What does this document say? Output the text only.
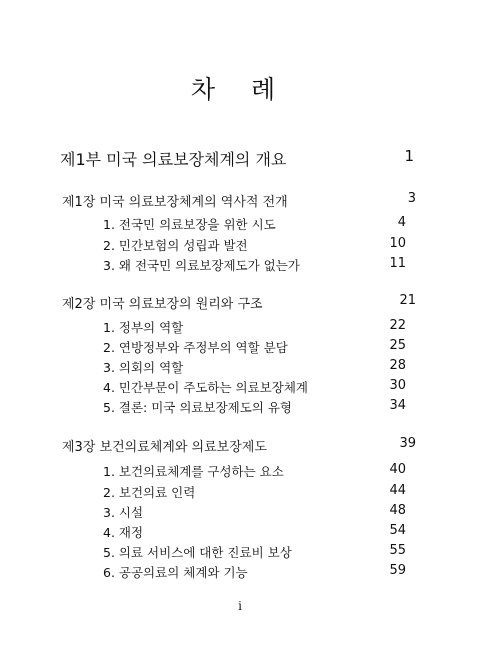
차 례
제1부 미국 의료보장체계의 개요	1
제1장 미국 의료보장체계의 역사적 전개	3
1. 전국민 의료보장을 위한 시도	4
2. 민간보험의 성립과 발전	10
3. 왜 전국민 의료보장제도가 없는가	11
제2장 미국 의료보장의 원리와 구조	21
1. 정부의 역할	22
2. 연방정부와 주정부의 역할 분담	25
3. 의회의 역할	28
4. 민간부문이 주도하는 의료보장체계	30
5. 결론: 미국 의료보장제도의 유형	34
제3장 보건의료체계와 의료보장제도	39
1. 보건의료체계를 구성하는 요소	40
2. 보건의료 인력	44
3. 시설	48
4. 재정	54
5. 의료 서비스에 대한 진료비 보상	55
6. 공공의료의 체계와 기능	59
i
